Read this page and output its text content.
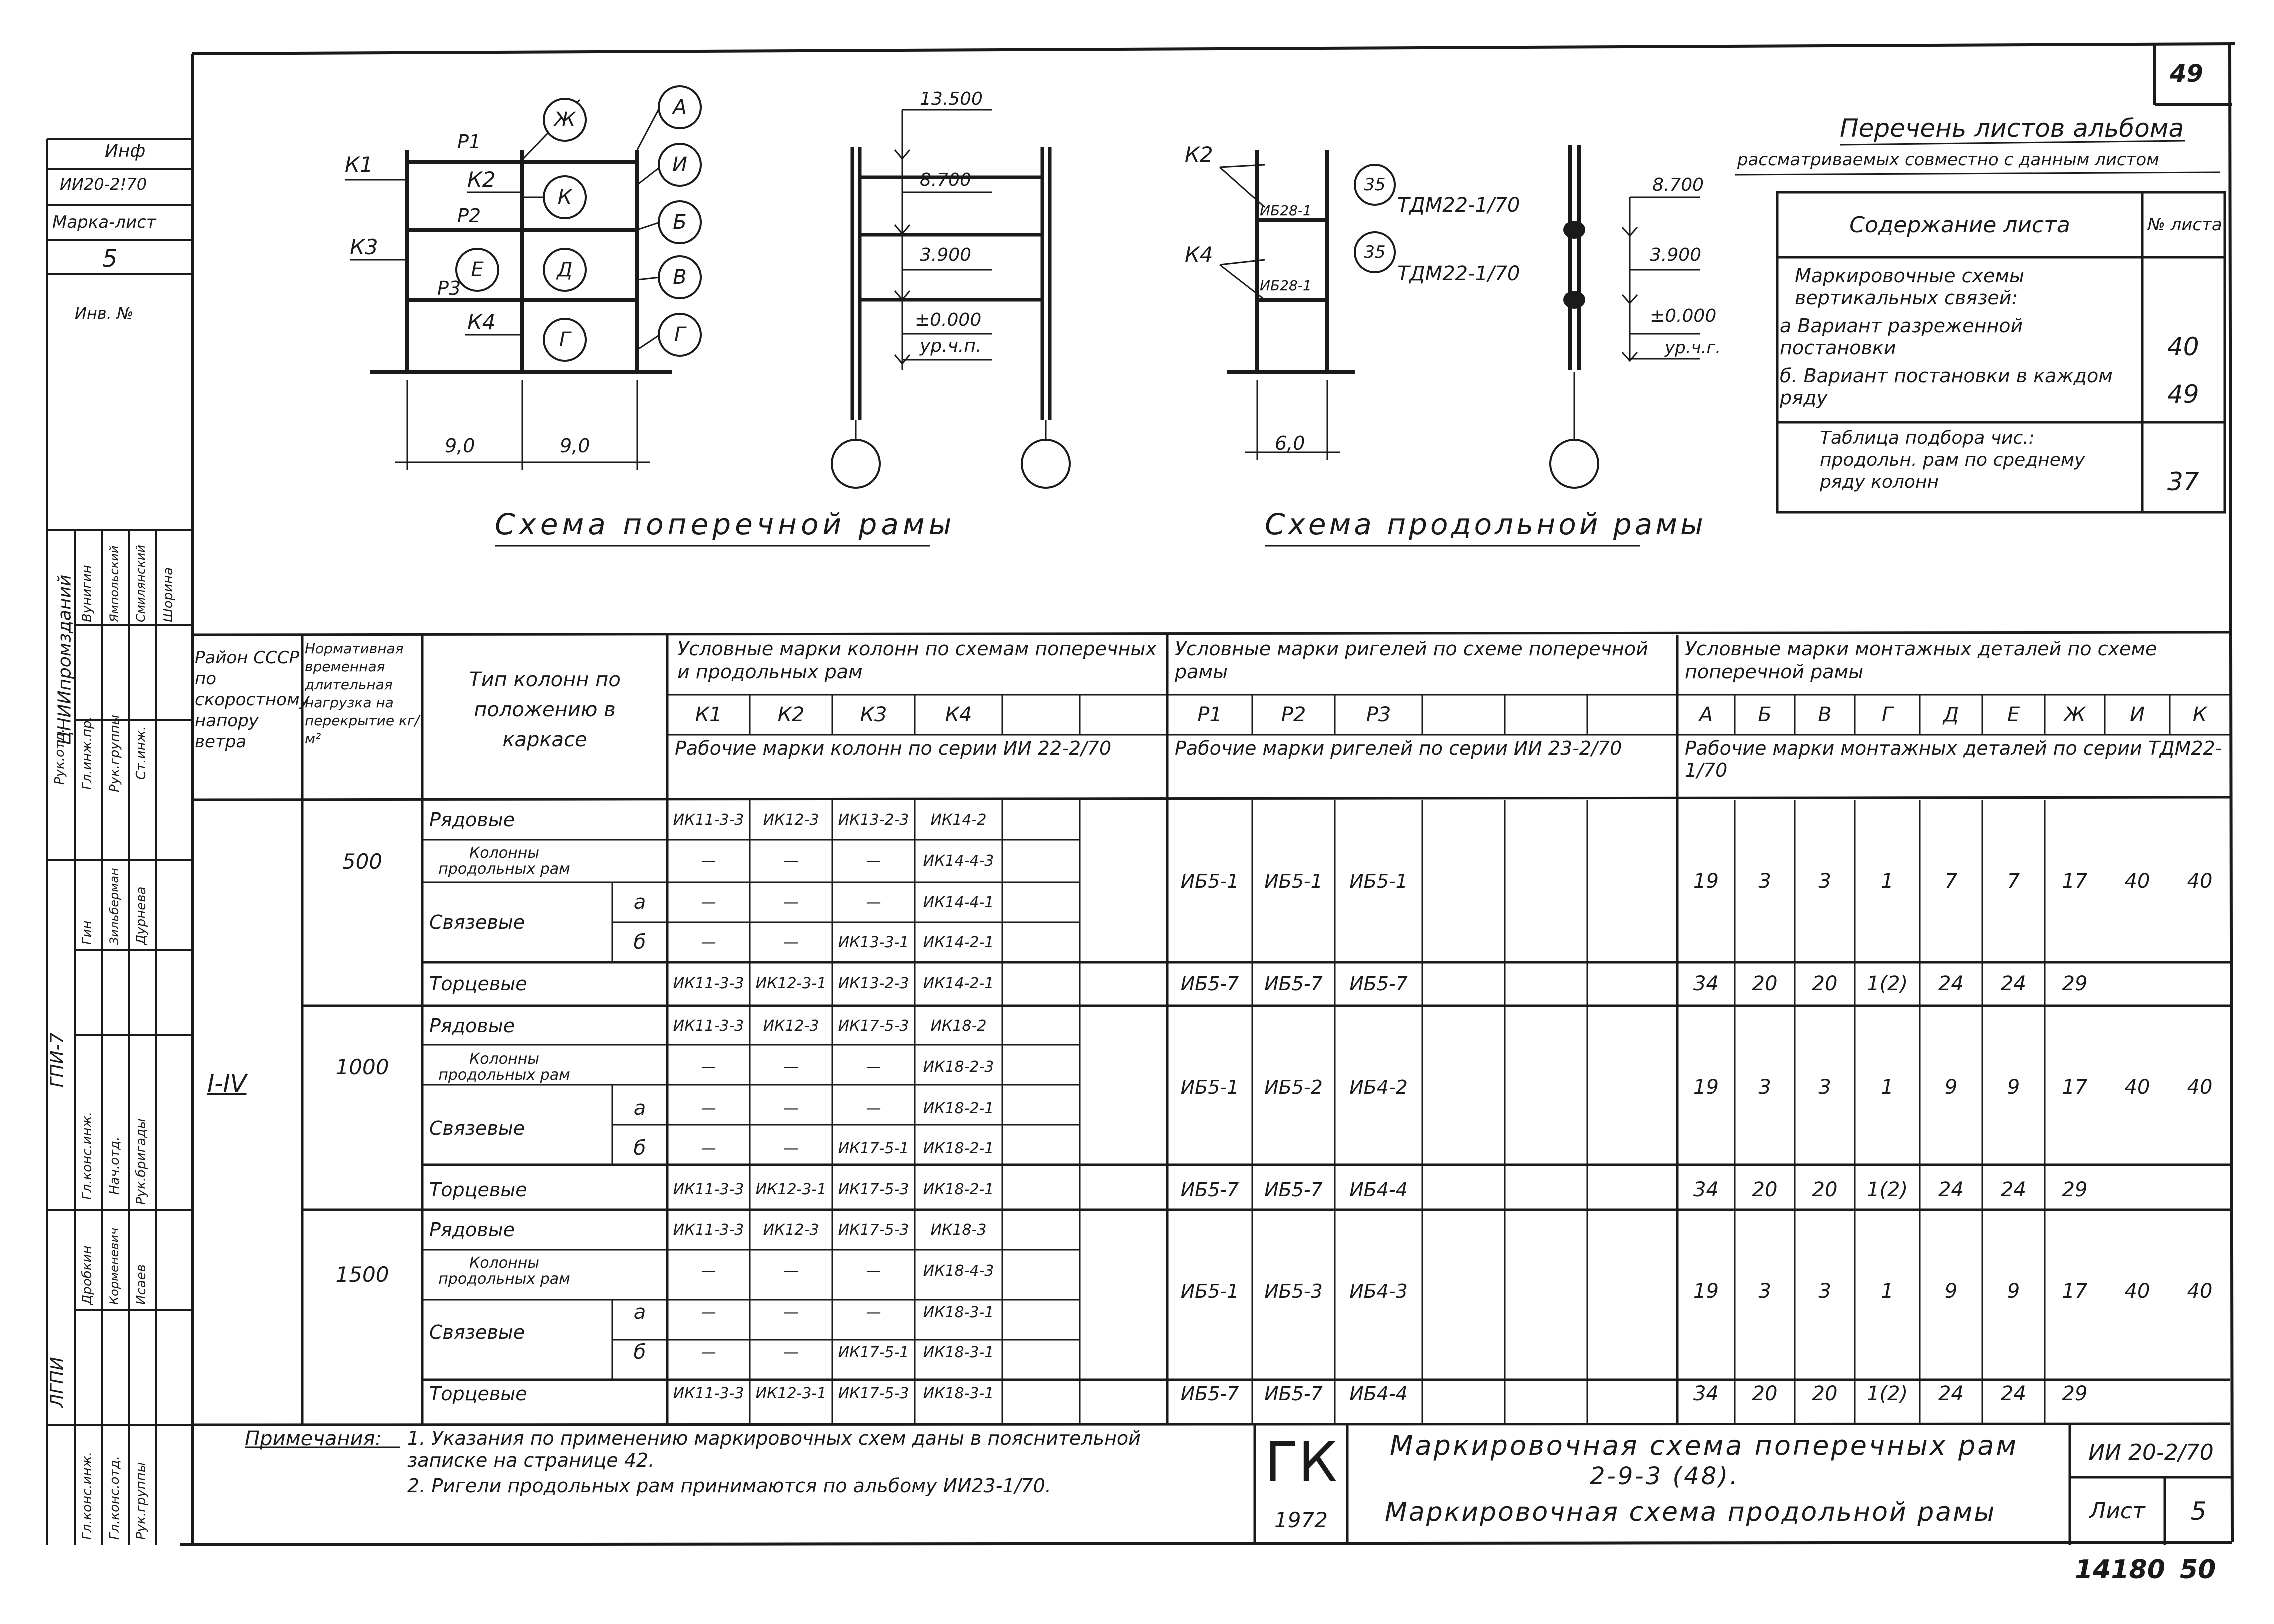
49
Инф
ИИ20-2!70
Марка-лист
5
Инв. №
ЦНИИпромзданий
ГПИ-7
ЛГПИ
Рук.отд. Гл.инж.пр. Рук.группы Ст.инж.
Гл.конс.инж. Нач.отд. Рук.бригады
Гл.конс.инж. Гл.конс.отд. Рук.группы
Вунигин Ямпольский Смилянский Шорина
Гин Зильберман Дурнева
Дробкин Корменевич Исаев
К1
К2
К3
К4
Р1
Р2
Р3
Ж
К
Е	Д
Г
А
И
Б
В
Г
9,0	9,0
Схема поперечной рамы
13.500
8.700
3.900
±0.000
ур.ч.п.
К2
К4
ИБ28-1
ИБ28-1
35
35
ТДМ22-1/70
ТДМ22-1/70
6,0
8.700
3.900
±0.000
ур.ч.г.
Схема продольной рамы
Перечень листов альбома
рассматриваемых совместно с данным листом
Содержание листа	№ листа
Маркировочные схемы вертикальных связей:
а Вариант разреженной постановки	40
б. Вариант постановки в каждом ряду	49
Таблица подбора чис.: продольн. рам по среднему ряду колонн	37
Район СССР по скоростному напору ветра
Нормативная временная длительная нагрузка на перекрытие кг/м²
Тип колонн по положению в каркасе
Условные марки колонн по схемам поперечных и продольных рам
К1	К2	К3	К4
Рабочие марки колонн по серии ИИ 22-2/70
Условные марки ригелей по схеме поперечной рамы
Р1	Р2	Р3
Рабочие марки ригелей по серии ИИ 23-2/70
Условные марки монтажных деталей по схеме поперечной рамы
А	Б	В	Г	Д	Е	Ж	И	К
Рабочие марки монтажных деталей по серии ТДМ22-1/70
I-IV
500
Рядовые	ИК11-3-3	ИК12-3	ИК13-2-3	ИК14-2
Колонны продольных рам	—	—	—	ИК14-4-3
Связевые
а	—	—	—	ИК14-4-1
б	—	—	ИК13-3-1 ИК14-2-1
Торцевые	ИК11-3-3 ИК12-3-1 ИК13-2-3 ИК14-2-1
ИБ5-1	ИБ5-1	ИБ5-1
ИБ5-7	ИБ5-7	ИБ5-7
19	3	3	1	7	7	17	40	40
34	20	20	1(2)	24	24	29
1000
Рядовые	ИК11-3-3	ИК12-3	ИК17-5-3	ИК18-2
Колонны продольных рам	—	—	—	ИК18-2-3
Связевые
а	—	—	—	ИК18-2-1
б	—	—	ИК17-5-1 ИК18-2-1
Торцевые	ИК11-3-3 ИК12-3-1 ИК17-5-3 ИК18-2-1
ИБ5-1	ИБ5-2	ИБ4-2
ИБ5-7	ИБ5-7	ИБ4-4
19	3	3	1	9	9	17	40	40
34	20	20	1(2)	24	24	29
1500
Рядовые	ИК11-3-3	ИК12-3	ИК17-5-3	ИК18-3
Колонны продольных рам	—	—	—	ИК18-4-3
Связевые
а	—	—	—	ИК18-3-1
б	—	—	ИК17-5-1 ИК18-3-1
Торцевые	ИК11-3-3 ИК12-3-1 ИК17-5-3 ИК18-3-1
ИБ5-1	ИБ5-3	ИБ4-3
ИБ5-7	ИБ5-7	ИБ4-4
19	3	3	1	9	9	17	40	40
34	20	20	1(2)	24	24	29
Примечания: 1. Указания по применению маркировочных схем даны в пояснительной записке на странице 42.
2. Ригели продольных рам принимаются по альбому ИИ23-1/70.	ГК
1972
Маркировочная схема поперечных рам
2-9-3 (48).
Маркировочная схема продольной рамы
ИИ 20-2/70
Лист	5
14180 50
